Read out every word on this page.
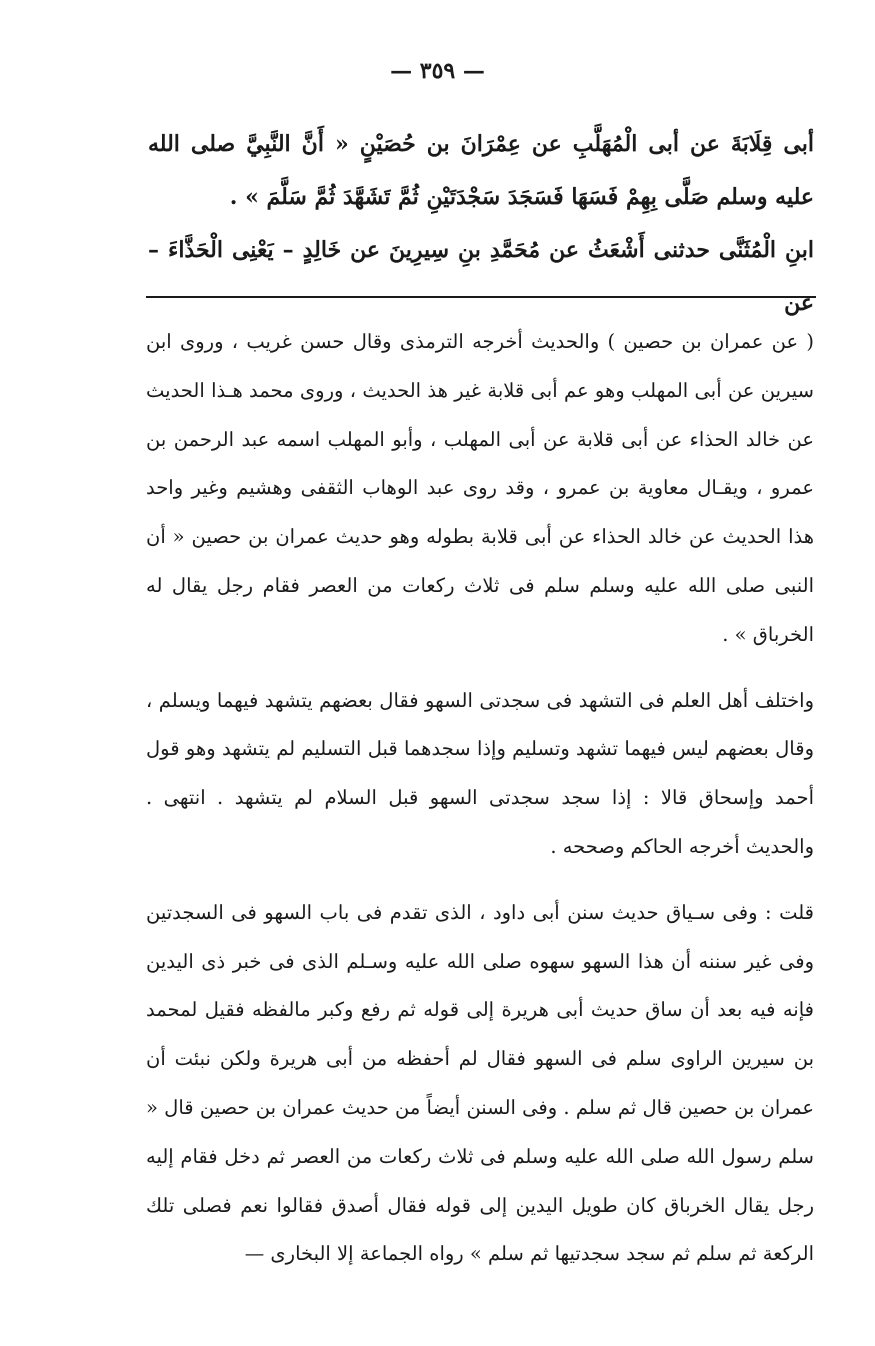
— ٣٥٩ —

أبى قِلَابَةَ عن أبى الْمُهَلَّبِ عن عِمْرَانَ بن حُصَيْنٍ « أَنَّ النَّبِيَّ صلى الله عليه وسلم صَلَّى بِهِمْ فَسَهَا فَسَجَدَ سَجْدَتَيْنِ ثُمَّ تَشَهَّدَ ثُمَّ سَلَّمَ » .

ابنِ الْمُثَنَّى حدثنى أَشْعَثُ عن مُحَمَّدِ بنِ سِيرِينَ عن خَالِدٍ – يَعْنِى الْحَذَّاءَ – عن

( عن عمران بن حصين ) والحديث أخرجه الترمذى وقال حسن غريب ، وروى ابن سيرين عن أبى المهلب وهو عم أبى قلابة غير هذ الحديث ، وروى محمد هـذا الحديث عن خالد الحذاء عن أبى قلابة عن أبى المهلب ، وأبو المهلب اسمه عبد الرحمن بن عمرو ، ويقـال معاوية بن عمرو ، وقد روى عبد الوهاب الثقفى وهشيم وغير واحد هذا الحديث عن خالد الحذاء عن أبى قلابة بطوله وهو حديث عمران بن حصين « أن النبى صلى الله عليه وسلم سلم فى ثلاث ركعات من العصر فقام رجل يقال له الخرباق » .

واختلف أهل العلم فى التشهد فى سجدتى السهو فقال بعضهم يتشهد فيهما ويسلم ، وقال بعضهم ليس فيهما تشهد وتسليم وإذا سجدهما قبل التسليم لم يتشهد وهو قول أحمد وإسحاق قالا : إذا سجد سجدتى السهو قبل السلام لم يتشهد . انتهى . والحديث أخرجه الحاكم وصححه .

قلت : وفى سـياق حديث سنن أبى داود ، الذى تقدم فى باب السهو فى السجدتين وفى غير سننه أن هذا السهو سهوه صلى الله عليه وسـلم الذى فى خبر ذى اليدين فإنه فيه بعد أن ساق حديث أبى هريرة إلى قوله ثم رفع وكبر مالفظه فقيل لمحمد بن سيرين الراوى سلم فى السهو فقال لم أحفظه من أبى هريرة ولكن نبئت أن عمران بن حصين قال ثم سلم . وفى السنن أيضاً من حديث عمران بن حصين قال « سلم رسول الله صلى الله عليه وسلم فى ثلاث ركعات من العصر ثم دخل فقام إليه رجل يقال الخرباق كان طويل اليدين إلى قوله فقال أصدق فقالوا نعم فصلى تلك الركعة ثم سلم ثم سجد سجدتيها ثم سلم » رواه الجماعة إلا البخارى —
